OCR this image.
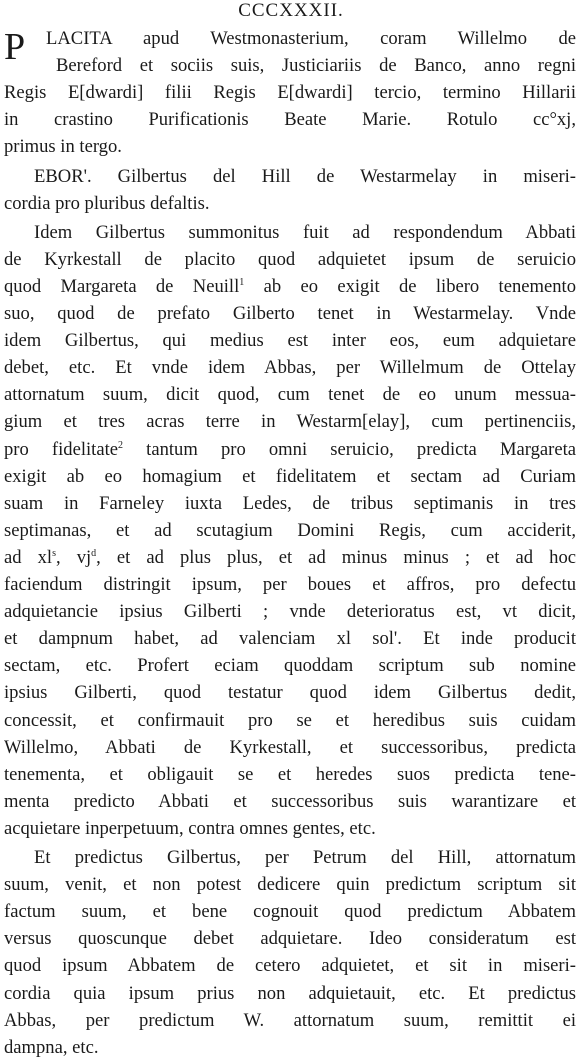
CCCXXXII.
P	LACITA apud Westmonasterium, coram Willelmo de
Bereford et sociis suis, Justiciariis de Banco, anno regni
Regis E[dwardi] filii Regis E[dwardi] tercio, termino Hillarii
in crastino Purificationis Beate Marie. Rotulo cc°xj,
primus in tergo.
EBOR'. Gilbertus del Hill de Westarmelay in miseri-
cordia pro pluribus defaltis.
Idem Gilbertus summonitus fuit ad respondendum Abbati
de Kyrkestall de placito quod adquietet ipsum de seruicio
quod Margareta de Neuill$^1$ ab eo exigit de libero tenemento
suo, quod de prefato Gilberto tenet in Westarmelay. Vnde
idem Gilbertus, qui medius est inter eos, eum adquietare
debet, etc. Et vnde idem Abbas, per Willelmum de Ottelay
attornatum suum, dicit quod, cum tenet de eo unum messua-
gium et tres acras terre in Westarm[elay], cum pertinenciis,
pro fidelitate$^2$ tantum pro omni seruicio, predicta Margareta
exigit ab eo homagium et fidelitatem et sectam ad Curiam
suam in Farneley iuxta Ledes, de tribus septimanis in tres
septimanas, et ad scutagium Domini Regis, cum acciderit,
ad $xl^s$, $vj^d$, et ad plus plus, et ad minus minus ; et ad hoc
faciendum distringit ipsum, per boues et affros, pro defectu
adquietancie ipsius Gilberti ; vnde deterioratus est, vt dicit,
et dampnum habet, ad valenciam xl sol'. Et inde producit
sectam, etc. Profert eciam quoddam scriptum sub nomine
ipsius Gilberti, quod testatur quod idem Gilbertus dedit,
concessit, et confirmauit pro se et heredibus suis cuidam
Willelmo, Abbati de Kyrkestall, et successoribus, predicta
tenementa, et obligauit se et heredes suos predicta tene-
menta predicto Abbati et successoribus suis warantizare et
acquietare inperpetuum, contra omnes gentes, etc.
Et predictus Gilbertus, per Petrum del Hill, attornatum
suum, venit, et non potest dedicere quin predictum scriptum sit
factum suum, et bene cognouit quod predictum Abbatem
versus quoscunque debet adquietare. Ideo consideratum est
quod ipsum Abbatem de cetero adquietet, et sit in miseri-
cordia quia ipsum prius non adquietauit, etc. Et predictus
Abbas, per predictum W. attornatum suum, remittit ei
dampna, etc.
